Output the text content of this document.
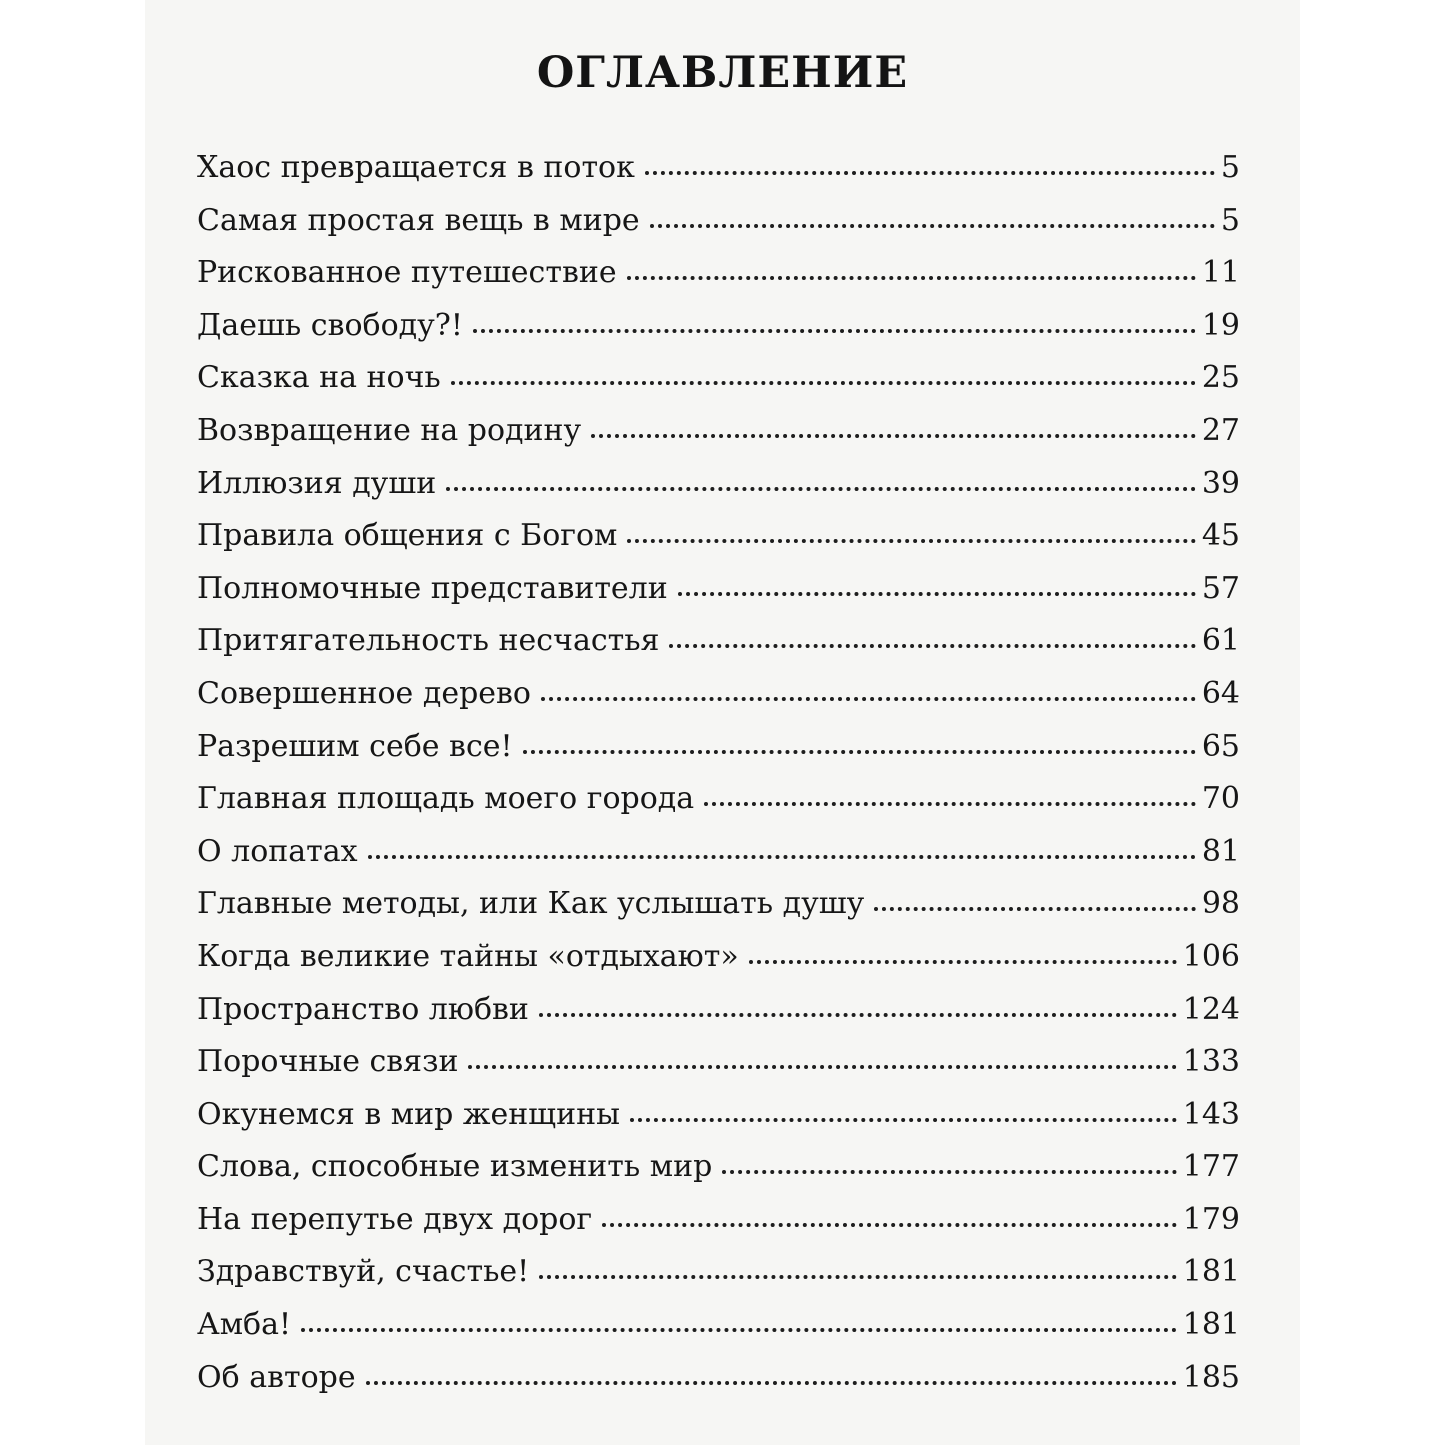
ОГЛАВЛЕНИЕ
Хаос превращается в поток	5
Самая простая вещь в мире	5
Рискованное путешествие	11
Даешь свободу?!	19
Сказка на ночь	25
Возвращение на родину	27
Иллюзия души	39
Правила общения с Богом	45
Полномочные представители	57
Притягательность несчастья	61
Совершенное дерево	64
Разрешим себе все!	65
Главная площадь моего города	70
О лопатах	81
Главные методы, или Как услышать душу	98
Когда великие тайны «отдыхают»	106
Пространство любви	124
Порочные связи	133
Окунемся в мир женщины	143
Слова, способные изменить мир	177
На перепутье двух дорог	179
Здравствуй, счастье!	181
Амба!	181
Об авторе	185
